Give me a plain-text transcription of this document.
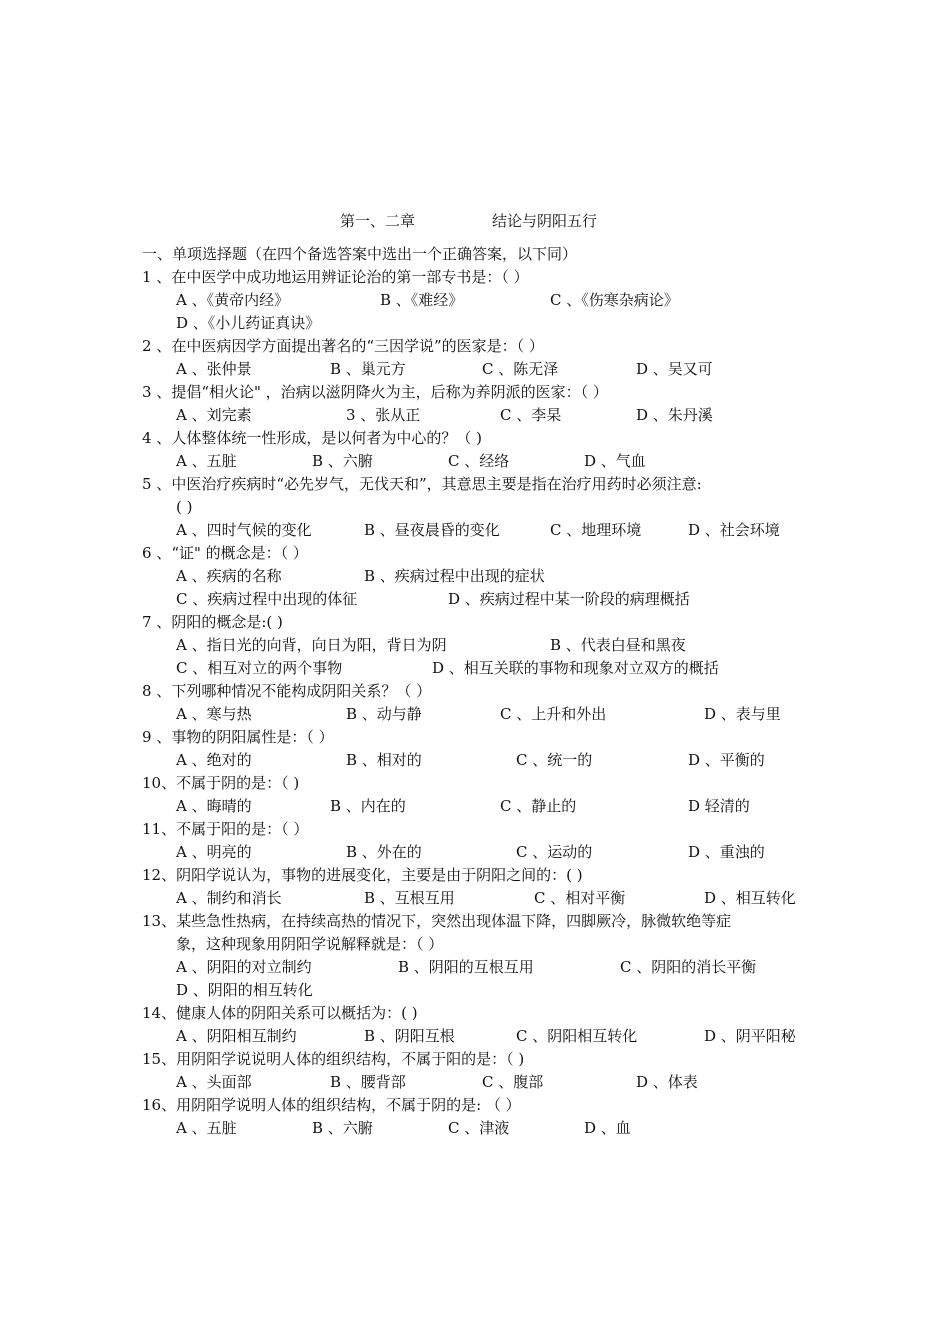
第一、二章	结论与阴阳五行
一、单项选择题（在四个备选答案中选出一个正确答案，以下同）
1 、在中医学中成功地运用辨证论治的第一部专书是：（ ）
A 、《黄帝内经》	B 、《难经》	C 、《伤寒杂病论》
D 、《小儿药证真诀》
2 、在中医病因学方面提出著名的“三因学说”的医家是：（ ）
A 、张仲景	B 、巢元方	C 、陈无泽	D 、吴又可
3 、提倡“相火论" ，治病以滋阴降火为主，后称为养阴派的医家：（ ）
A 、刘完素	3 、张从正	C 、李杲	D 、朱丹溪
4 、人体整体统一性形成，是以何者为中心的？（ )
A 、五脏	B 、六腑	C 、经络	D 、气血
5 、中医治疗疾病时“必先岁气，无伐天和”，其意思主要是指在治疗用药时必须注意:
( )
A 、四时气候的变化	B 、昼夜晨昏的变化	C 、地理环境	D 、社会环境
6 、“证" 的概念是：（ ）
A 、疾病的名称	B 、疾病过程中出现的症状
C 、疾病过程中出现的体征	D 、疾病过程中某一阶段的病理概括
7 、阴阳的概念是:( )
A 、指日光的向背，向日为阳，背日为阴	B 、代表白昼和黑夜
C 、相互对立的两个事物	D 、相互关联的事物和现象对立双方的概括
8 、下列哪种情况不能构成阴阳关系？（ ）
A 、寒与热	B 、动与静	C 、上升和外出	D 、表与里
9 、事物的阴阳属性是：（ ）
A 、绝对的	B 、相对的	C 、统一的	D 、平衡的
10、不属于阴的是：（ )
A 、晦晴的	B 、内在的	C 、静止的	D 轻清的
11、不属于阳的是：（ ）
A 、明亮的	B 、外在的	C 、运动的	D 、重浊的
12、阴阳学说认为，事物的进展变化，主要是由于阴阳之间的：( )
A 、制约和消长	B 、互根互用	C 、相对平衡	D 、相互转化
13、某些急性热病，在持续高热的情况下，突然出现体温下降，四脚厥冷，脉微软绝等症
象，这种现象用阴阳学说解释就是：（ ）
A 、阴阳的对立制约	B 、阴阳的互根互用	C 、阴阳的消长平衡
D 、阴阳的相互转化
14、健康人体的阴阳关系可以概括为：( )
A 、阴阳相互制约	B 、阴阳互根	C 、阴阳相互转化	D 、阴平阳秘
15、用阴阳学说说明人体的组织结构，不属于阳的是：（ )
A 、头面部	B 、腰背部	C 、腹部	D 、体表
16、用阴阳学说明人体的组织结构，不属于阴的是: （ ）
A 、五脏	B 、六腑	C 、津液	D 、血
